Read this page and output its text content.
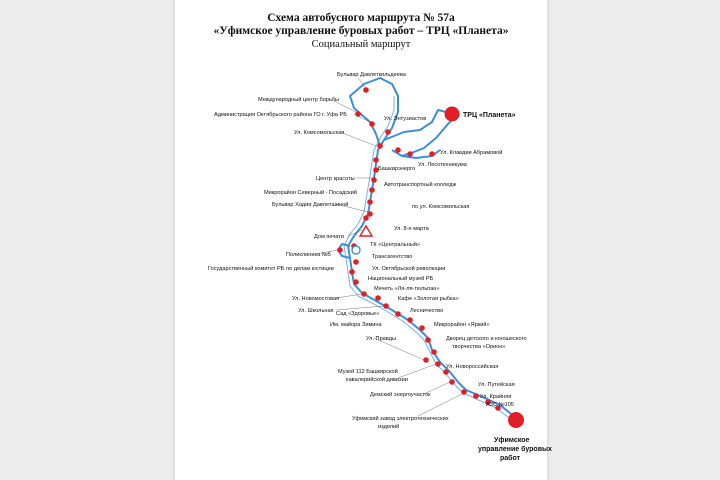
Схема автобусного маршрута № 57а
«Уфимское управление буровых работ – ТРЦ «Планета»
Социальный маршрут
Бульвар Давлеткильдеева
Международный центр борьбы
Администрация Октябрьского района ГО г. Уфа РБ
Ул. Энтузиастов
Ул. Комсомольская
Ул. Клавдии Абрамовой
Ул. Лесотехникума
Башкирэнерго
Центр красоты
Автотранспортный колледж
Микрорайон Северный - Посадский
Бульвар Хадии Давлетшиной	по ул. Комсомольская
Ул. 8-е марта
Дом печати
ТК «Центральный»
Поликлиника №5	Трансагентство
Государственный комитет РБ по делам юстиции	Ул. Октябрьской революции
Национальный музей РБ
Мечеть «Ля-ля-тюльпан»
Ул. Новомостовая	Кафе «Золотая рыбка»
Ул. Школьная	Лесничество
Сад «Здоровье»
Им. майора Зимина	Микрорайон «Яркий»
Дворец детского и юношеского
творчества «Орион»
Ул. Правды
Ул. Новороссийская
Музей 112 Башкирской
кавалерийской дивизии
Ул. Путейская
Демский энергоучасток	Ул. Крайняя
АЗС №105
Уфимский завод электротехнических
изделий
ТРЦ «Планета»
Уфимское
управление буровых
работ
